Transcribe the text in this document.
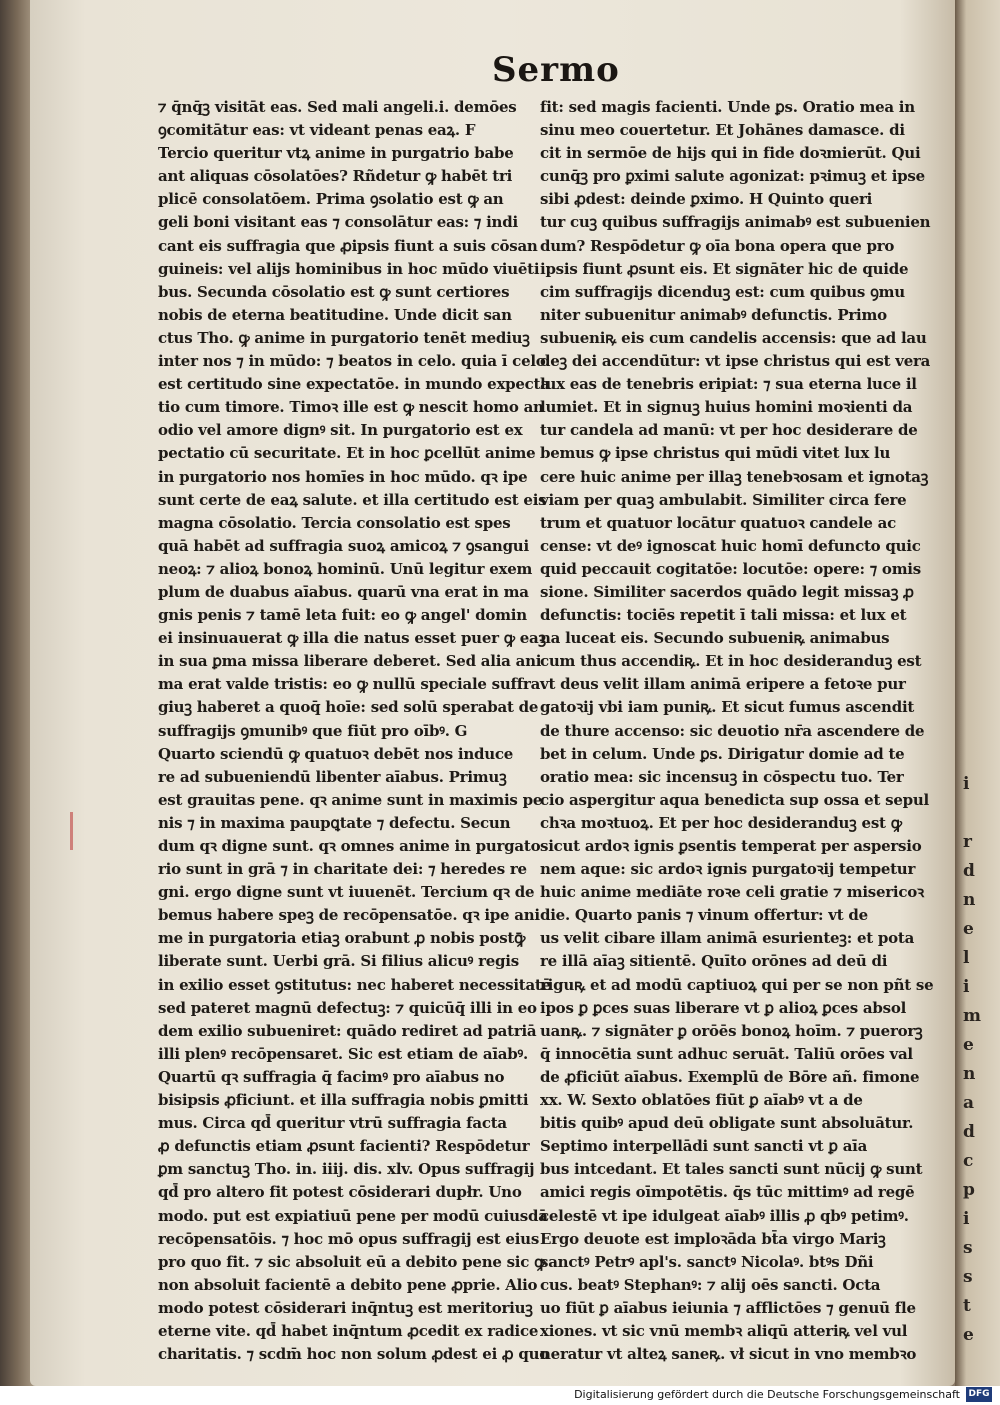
i

r
d
n
e
l
i
m
e
n
a
d
c
p
i
s
s
t
e
Sermo
⁊ q̄nq̄ꝫ visitāt eas. Sed mali angeli.i. demōes
ꝯcomitātur eas: vt videant penas eaꝝ. F
Tercio queritur vtꝝ anime in purgatrio babe
ant aliquas cōsolatōes? Rñdetur ꝙ habēt tri
plicē consolatōem. Prima ꝯsolatio est ꝙ an
geli boni visitant eas ⁊ consolātur eas: ⁊ indi
cant eis suffragia que ꝓipsis fiunt a suis cōsan
guineis: vel alijs hominibus in hoc mūdo viuēti
bus. Secunda cōsolatio est ꝙ sunt certiores
nobis de eterna beatitudine. Unde dicit san
ctus Tho. ꝙ anime in purgatorio tenēt mediuꝫ
inter nos ⁊ in mūdo: ⁊ beatos in celo. quia ī celo
est certitudo sine expectatōe. in mundo expecta
tio cum timore. Timoꝛ ille est ꝙ nescit homo an
odio vel amore dignꝰ sit. In purgatorio est ex
pectatio cū securitate. Et in hoc ꝑcellūt anime
in purgatorio nos homīes in hoc mūdo. qꝛ ipe
sunt certe de eaꝝ salute. et illa certitudo est eis
magna cōsolatio. Tercia consolatio est spes
quā habēt ad suffragia suoꝝ amicoꝝ ⁊ ꝯsangui
neoꝝ: ⁊ alioꝝ bonoꝝ hominū. Unū legitur exem
plum de duabus aīabus. quarū vna erat in ma
gnis penis ⁊ tamē leta fuit: eo ꝙ angel' domin
ei insinuauerat ꝙ illa die natus esset puer ꝙ eaꝫ
in sua ꝑma missa liberare deberet. Sed alia ani
ma erat valde tristis: eo ꝙ nullū speciale suffra
giuꝫ haberet a quoq̄ hoīe: sed solū sperabat de
suffragijs ꝯmunibꝰ que fiūt pro oībꝰ. G
Quarto sciendū ꝙ quatuoꝛ debēt nos induce
re ad subueniendū libenter aīabus. Primuꝫ
est grauitas pene. qꝛ anime sunt in maximis pe
nis ⁊ in maxima paupꝗtate ⁊ defectu. Secun
dum qꝛ digne sunt. qꝛ omnes anime in purgato
rio sunt in grā ⁊ in charitate dei: ⁊ heredes re
gni. ergo digne sunt vt iuuenēt. Tercium qꝛ de
bemus habere speꝫ de recōpensatōe. qꝛ ipe ani
me in purgatoria etiaꝫ orabunt ꝓ nobis postꝙ̄
liberate sunt. Uerbi grā. Si filius alicuꝰ regis
in exilio esset ꝯstitutus: nec haberet necessitatē
sed pateret magnū defectuꝫ: ⁊ quicūq̄ illi in eo
dem exilio subueniret: quādo rediret ad patriā
illi plenꝰ recōpensaret. Sic est etiam de aīabꝰ.
Quartū qꝛ suffragia q̄ facimꝰ pro aīabus no
bisipsis ꝓficiunt. et illa suffragia nobis ꝑmitti
mus. Circa qd̄ queritur vtrū suffragia facta
ꝓ defunctis etiam ꝓsunt facienti? Respōdetur
ꝑm sanctuꝫ Tho. in. iiij. dis. xlv. Opus suffragij
qd̄ pro altero fit potest cōsiderari dupłr. Uno
modo. put est expiatiuū pene per modū cuiusdā
recōpensatōis. ⁊ hoc mō opus suffragij est eius
pro quo fit. ⁊ sic absoluit eū a debito pene sic ꝙ
non absoluit facientē a debito pene ꝓprie. Alio
modo potest cōsiderari inq̄ntuꝫ est meritoriuꝫ
eterne vite. qd̄ habet inq̄ntum ꝓcedit ex radice
charitatis. ⁊ scdm̄ hoc non solum ꝓdest ei ꝓ quo
fit: sed magis facienti. Unde ꝑs. Oratio mea in
sinu meo couertetur. Et Johānes damasce. di
cit in sermōe de hijs qui in fide doꝛmierūt. Qui
cunq̄ꝫ pro ꝑximi salute agonizat: pꝛimuꝫ et ipse
sibi ꝓdest: deinde ꝑximo. H Quinto queri
tur cuꝫ quibus suffragijs animabꝰ est subuenien
dum? Respōdetur ꝙ oīa bona opera que pro
ipsis fiunt ꝓsunt eis. Et signāter hic de quide
cim suffragijs dicenduꝫ est: cum quibus ꝯmu
niter subuenitur animabꝰ defunctis. Primo
subueniꝶ eis cum candelis accensis: que ad lau
deꝫ dei accendūtur: vt ipse christus qui est vera
lux eas de tenebris eripiat: ⁊ sua eterna luce il
lumiet. Et in signuꝫ huius homini moꝛienti da
tur candela ad manū: vt per hoc desiderare de
bemus ꝙ ipse christus qui mūdi vitet lux lu
cere huic anime per illaꝫ tenebꝛosam et ignotaꝫ
viam per quaꝫ ambulabit. Similiter circa fere
trum et quatuor locātur quatuoꝛ candele ac
cense: vt deꝰ ignoscat huic homī defuncto quic
quid peccauit cogitatōe: locutōe: opere: ⁊ omis
sione. Similiter sacerdos quādo legit missaꝫ ꝓ
defunctis: tociēs repetit ī tali missa: et lux et
na luceat eis. Secundo subueniꝶ animabus
cum thus accendiꝶ. Et in hoc desideranduꝫ est
vt deus velit illam animā eripere a fetoꝛe pur
gatoꝛij vbi iam puniꝶ. Et sicut fumus ascendit
de thure accenso: sic deuotio nr̄a ascendere de
bet in celum. Unde ꝑs. Dirigatur domie ad te
oratio mea: sic incensuꝫ in cōspectu tuo. Ter
cio aspergitur aqua benedicta sup ossa et sepul
chꝛa moꝛtuoꝝ. Et per hoc desideranduꝫ est ꝙ
sicut ardoꝛ ignis ꝑsentis temperat per aspersio
nem aque: sic ardoꝛ ignis purgatoꝛij tempetur
huic anime mediāte roꝛe celi gratie ⁊ misericoꝛ
die. Quarto panis ⁊ vinum offertur: vt de
us velit cibare illam animā esurienteꝫ: et pota
re illā aīaꝫ sitientē. Quīto orōnes ad deū di
riguꝶ et ad modū captiuoꝝ qui per se non pñt se
ipos ꝑ ꝑces suas liberare vt ꝑ alioꝝ ꝑces absol
uanꝶ. ⁊ signāter ꝑ orōēs bonoꝝ hoīm. ⁊ puerorꝫ
q̄ innocētia sunt adhuc seruāt. Taliū orōes val
de ꝓficiūt aīabus. Exemplū de Bōre añ. fimone
xx. W. Sexto oblatōes fiūt ꝑ aīabꝰ vt a de
bitis quibꝰ apud deū obligate sunt absoluātur.
Septimo interpellādi sunt sancti vt ꝑ aīa
bus intcedant. Et tales sancti sunt nūcij ꝙ sunt
amici regis oīmpotētis. q̄s tūc mittimꝰ ad regē
celestē vt ipe idulgeat aīabꝰ illis ꝓ qbꝰ petimꝰ.
Ergo deuote est imploꝛāda bt̄a virgo Mariꝫ
sanctꝰ Petrꝰ apl's. sanctꝰ Nicolaꝰ. btꝰs Dñi
cus. beatꝰ Stephanꝰ: ⁊ alij oēs sancti. Octa
uo fiūt ꝑ aīabus ieiunia ⁊ afflictōes ⁊ genuū fle
xiones. vt sic vnū membꝛ aliqū atteriꝶ vel vul
neratur vt alteꝝ saneꝶ. vł sicut in vno membꝛo
Digitalisierung gefördert durch die Deutsche Forschungsgemeinschaft DFG
